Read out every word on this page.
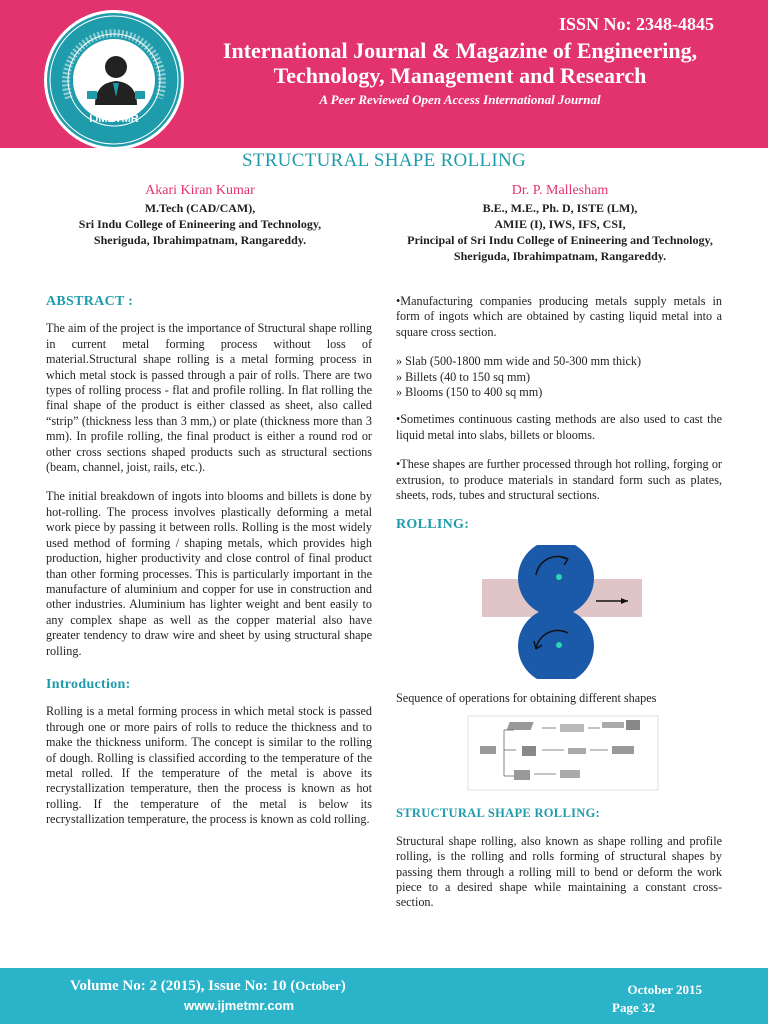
IJMETMR
ISSN No: 2348-4845
International Journal & Magazine of Engineering, Technology, Management and Research
A Peer Reviewed Open Access International Journal
STRUCTURAL SHAPE ROLLING
Akari Kiran Kumar
M.Tech (CAD/CAM),
Sri Indu College of Enineering and Technology,
Sheriguda, Ibrahimpatnam, Rangareddy.
Dr. P. Mallesham
B.E., M.E., Ph. D, ISTE (LM),
AMIE (I), IWS, IFS, CSI,
Principal of Sri Indu College of Enineering and Technology,
Sheriguda, Ibrahimpatnam, Rangareddy.
ABSTRACT :

The aim of the project is the importance of Structural shape rolling in current metal forming process without loss of material.Structural shape rolling is a metal forming process in which metal stock is passed through a pair of rolls. There are two types of rolling process - flat and profile rolling. In flat rolling the final shape of the product is either classed as sheet, also called “strip” (thickness less than 3 mm,) or plate (thickness more than 3 mm). In profile rolling, the final product is either a round rod or other cross sections shaped products such as structural sections (beam, channel, joist, rails, etc.).

The initial breakdown of ingots into blooms and billets is done by hot-rolling. The process involves plastically deforming a metal work piece by passing it between rolls. Rolling is the most widely used method of forming / shaping metals, which provides high production, higher productivity and close control of final product than other forming processes. This is particularly important in the manufacture of aluminium and copper for use in construction and other industries. Aluminium has lighter weight and bent easily to any complex shape as well as the copper material also have greater tendency to draw wire and sheet by using structural shape rolling.

Introduction:

Rolling is a metal forming process in which metal stock is passed through one or more pairs of rolls to reduce the thickness and to make the thickness uniform. The concept is similar to the rolling of dough. Rolling is classified according to the temperature of the metal rolled. If the temperature of the metal is above its recrystallization temperature, then the process is known as hot rolling. If the temperature of the metal is below its recrystallization temperature, the process is known as cold rolling.

•Manufacturing companies producing metals supply metals in form of ingots which are obtained by casting liquid metal into a square cross section.

» Slab (500-1800 mm wide and 50-300 mm thick)
» Billets (40 to 150 sq mm)
» Blooms (150 to 400 sq mm)

•Sometimes continuous casting methods are also used to cast the liquid metal into slabs, billets or blooms.

•These shapes are further processed through hot rolling, forging or extrusion, to produce materials in standard form such as plates, sheets, rods, tubes and structural sections.

ROLLING:
Sequence of operations for obtaining different shapes
STRUCTURAL SHAPE ROLLING:

Structural shape rolling, also known as shape rolling and profile rolling, is the rolling and rolls forming of structural shapes by passing them through a rolling mill to bend or deform the work piece to a desired shape while maintaining a constant cross-section.

Volume No: 2 (2015), Issue No: 10 (October)
www.ijmetmr.com
October 2015
Page 32
